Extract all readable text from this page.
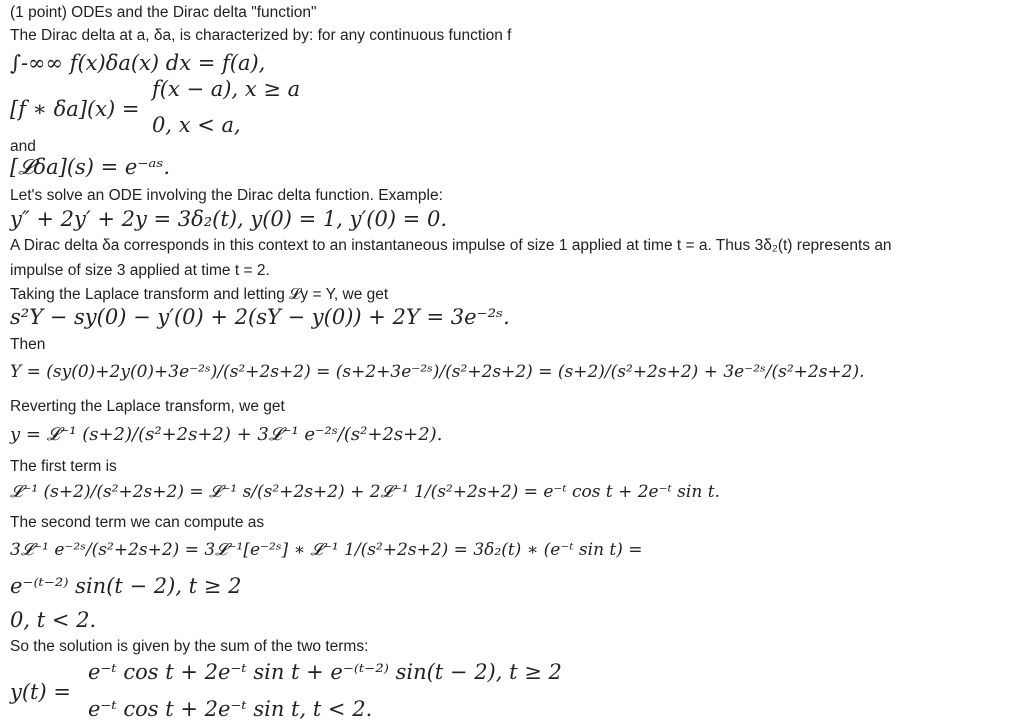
(1 point) ODEs and the Dirac delta "function"
The Dirac delta at a, δa, is characterized by: for any continuous function f
∫-∞∞ f(x)δa(x) dx = f(a),
[f ∗ δa](x) =
f(x − a), x ≥ a
0, x < a,
and
[𝓛δa](s) = e⁻ᵃˢ.
Let's solve an ODE involving the Dirac delta function. Example:
y″ + 2y′ + 2y = 3δ₂(t), y(0) = 1, y′(0) = 0.
A Dirac delta δa corresponds in this context to an instantaneous impulse of size 1 applied at time t = a. Thus 3δ₂(t) represents an
impulse of size 3 applied at time t = 2.
Taking the Laplace transform and letting 𝓛y = Y, we get
s²Y − sy(0) − y′(0) + 2(sY − y(0)) + 2Y = 3e⁻²ˢ.
Then
Y = (sy(0)+2y(0)+3e⁻²ˢ)/(s²+2s+2) = (s+2+3e⁻²ˢ)/(s²+2s+2) = (s+2)/(s²+2s+2) + 3e⁻²ˢ/(s²+2s+2).
Reverting the Laplace transform, we get
y = 𝓛⁻¹ (s+2)/(s²+2s+2) + 3𝓛⁻¹ e⁻²ˢ/(s²+2s+2).
The first term is
𝓛⁻¹ (s+2)/(s²+2s+2) = 𝓛⁻¹ s/(s²+2s+2) + 2𝓛⁻¹ 1/(s²+2s+2) = e⁻ᵗ cos t + 2e⁻ᵗ sin t.
The second term we can compute as
3𝓛⁻¹ e⁻²ˢ/(s²+2s+2) = 3𝓛⁻¹[e⁻²ˢ] ∗ 𝓛⁻¹ 1/(s²+2s+2) = 3δ₂(t) ∗ (e⁻ᵗ sin t) =
e⁻⁽ᵗ⁻²⁾ sin(t − 2), t ≥ 2
0, t < 2.
So the solution is given by the sum of the two terms:
y(t) =
e⁻ᵗ cos t + 2e⁻ᵗ sin t + e⁻⁽ᵗ⁻²⁾ sin(t − 2), t ≥ 2
e⁻ᵗ cos t + 2e⁻ᵗ sin t, t < 2.
